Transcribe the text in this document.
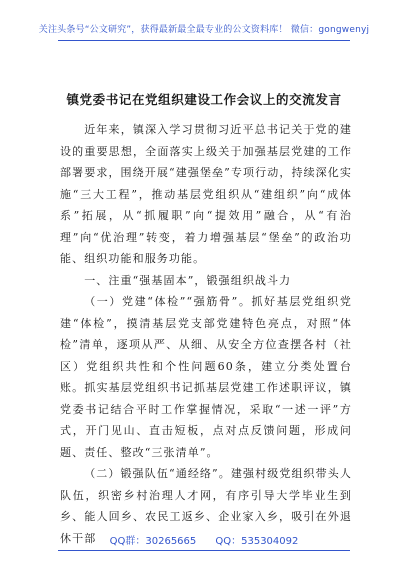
关注头条号“公文研究”，获得最新最全最专业的公文资料库！ 微信：gongwenyj
镇党委书记在党组织建设工作会议上的交流发言

近年来，镇深入学习贯彻习近平总书记关于党的建设的重要思想，全面落实上级关于加强基层党建的工作部署要求，围绕开展“建强堡垒”专项行动，持续深化实施“三大工程”，推动基层党组织从“建组织”向“成体系”拓展，从“抓履职”向“提效用”融合，从“有治理”向“优治理”转变，着力增强基层“堡垒”的政治功能、组织功能和服务功能。

一、注重“强基固本”，锻强组织战斗力

（一）党建“体检”“强筋骨”。抓好基层党组织党建“体检”，摸清基层党支部党建特色亮点，对照“体检”清单，逐项从严、从细、从安全方位查摆各村（社区）党组织共性和个性问题60条，建立分类处置台账。抓实基层党组织书记抓基层党建工作述职评议，镇党委书记结合平时工作掌握情况，采取“一述一评”方式，开门见山、直击短板，点对点反馈问题，形成问题、责任、整改“三张清单”。

（二）锻强队伍“通经络”。建强村级党组织带头人队伍，织密乡村治理人才网，有序引导大学毕业生到乡、能人回乡、农民工返乡、企业家入乡，吸引在外退休干部	QQ群：30265665 QQ：535304092
